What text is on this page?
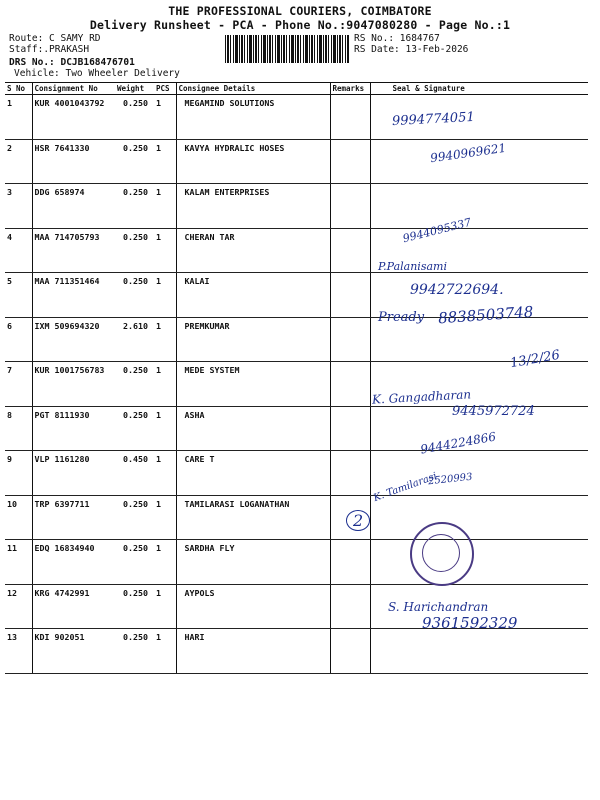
THE PROFESSIONAL COURIERS, COIMBATORE
Delivery Runsheet - PCA - Phone No.:9047080280 - Page No.:1
Route: C SAMY RD
Staff:.PRAKASH
DRS No.: DCJB168476701
Vehicle: Two Wheeler Delivery
RS No.: 1684767
RS Date: 13-Feb-2026
S No	Consignment No	Weight	PCS	Consignee Details	Remarks	Seal & Signature
1	KUR 4001043792	0.250	1	MEGAMIND SOLUTIONS		
2	HSR 7641330	0.250	1	KAVYA HYDRALIC HOSES		
3	DDG 658974	0.250	1	KALAM ENTERPRISES		
4	MAA 714705793	0.250	1	CHERAN TAR		
5	MAA 711351464	0.250	1	KALAI		
6	IXM 509694320	2.610	1	PREMKUMAR		
7	KUR 1001756783	0.250	1	MEDE SYSTEM		
8	PGT 8111930	0.250	1	ASHA		
9	VLP 1161280	0.450	1	CARE T		
10	TRP 6397711	0.250	1	TAMILARASI LOGANATHAN		
11	EDQ 16834940	0.250	1	SARDHA FLY		
12	KRG 4742991	0.250	1	AYPOLS		
13	KDI 902051	0.250	1	HARI		
9994774051
9940969621
9944095337
P.Palanisami
9942722694.
Pready 8838503748
13/2/26
K. Gangadharan
9445972724
9444224866
K. Tamilarasi
2520993
2
S. Harichandran
9361592329
